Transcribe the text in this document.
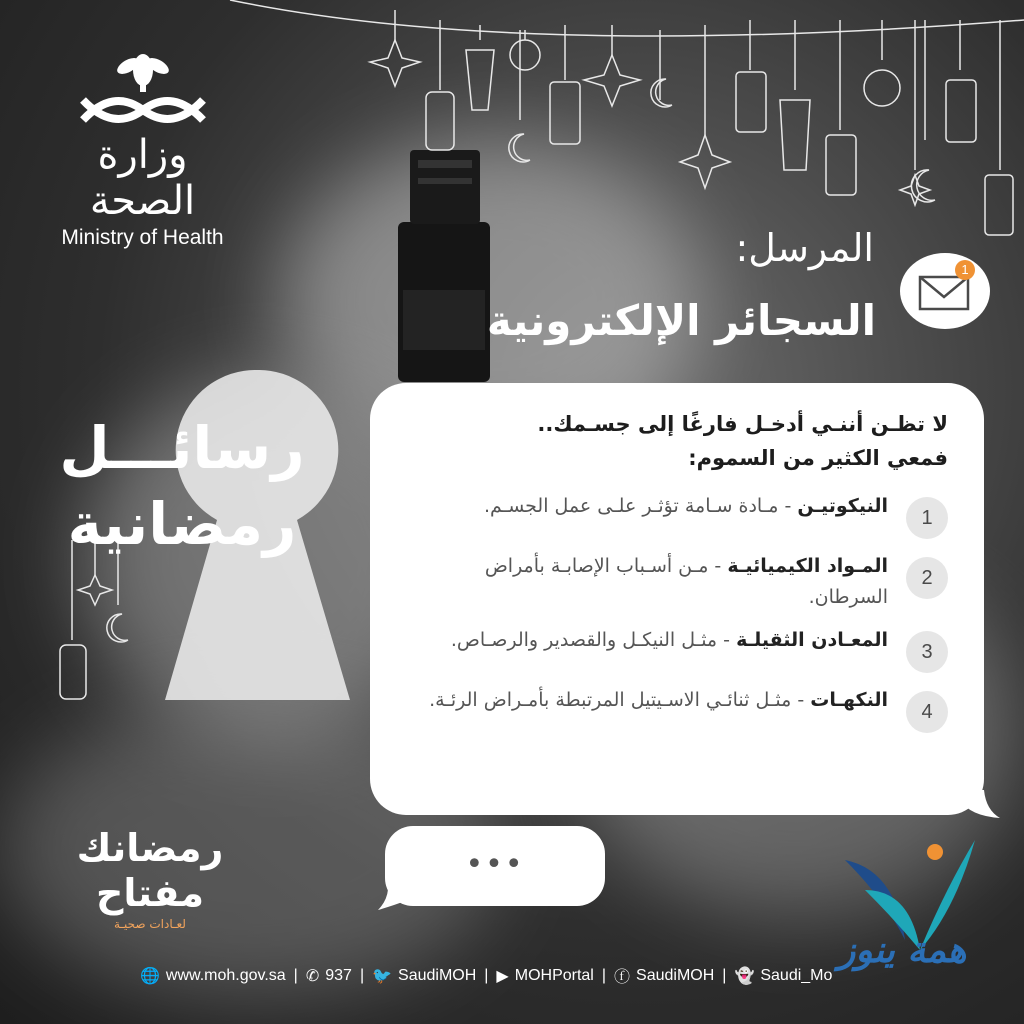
وزارة الصحة
Ministry of Health	المرسل:
السجائر الإلكترونية
1
رسائـــل
رمضانية
لا تظـن أننـي أدخـل فارغًا إلى جسـمك..
فمعي الكثير من السموم:
1
النيكوتيـن - مـادة سـامة تؤثـر علـى عمل الجسـم.
2
المـواد الكيميائيـة - مـن أسـباب الإصابـة بأمراض السرطان.
3
المعـادن الثقيلـة - مثـل النيكـل والقصدير والرصـاص.
4
النكهـات - مثـل ثنائـي الاسـيتيل المرتبطة بأمـراض الرئـة.
•••
رمضانك
مفتاح
لعـادات صحيـة
همة ينوز
🌐 www.moh.gov.sa | ✆ 937 | 🐦 SaudiMOH | ▶ MOHPortal | ⓕ SaudiMOH | 👻 Saudi_Mo
